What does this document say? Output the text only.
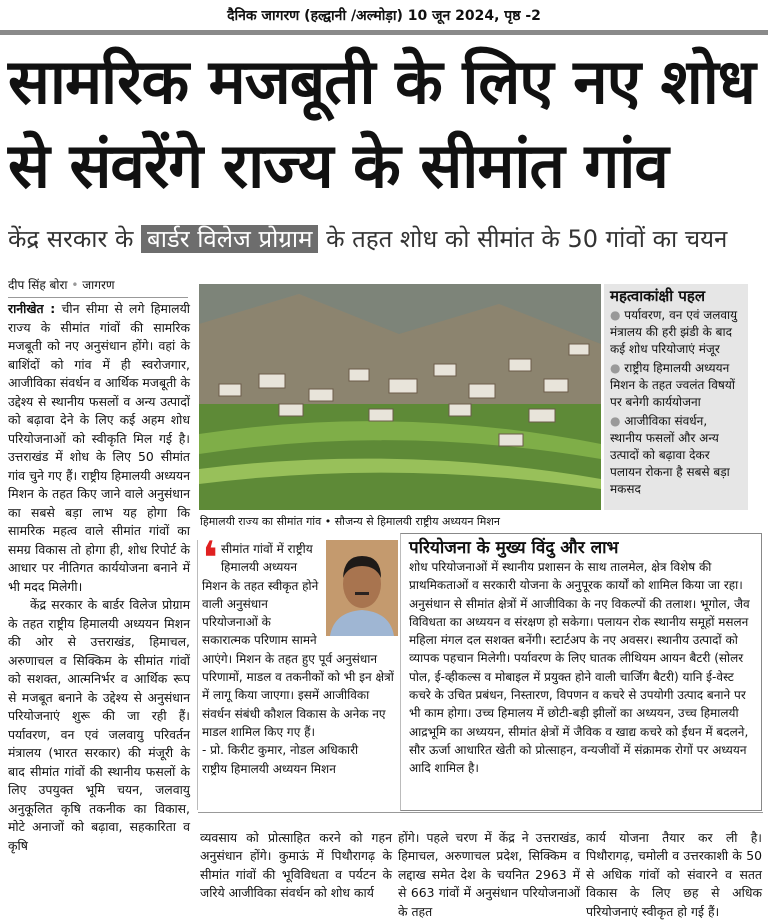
दैनिक जागरण (हल्द्वानी /अल्मोड़ा) 10 जून 2024, पृष्ठ -2
सामरिक मजबूती के लिए नए शोध
से संवरेंगे राज्य के सीमांत गांव
केंद्र सरकार के बार्डर विलेज प्रोग्राम के तहत शोध को सीमांत के 50 गांवों का चयन
दीप सिंह बोरा • जागरण

रानीखेत : चीन सीमा से लगे हिमालयी राज्य के सीमांत गांवों की सामरिक मजबूती को नए अनुसंधान होंगे। वहां के बाशिंदों को गांव में ही स्वरोजगार, आजीविका संवर्धन व आर्थिक मजबूती के उद्देश्य से स्थानीय फसलों व अन्य उत्पादों को बढ़ावा देने के लिए कई अहम शोध परियोजनाओं को स्वीकृति मिल गई है। उत्तराखंड में शोध के लिए 50 सीमांत गांव चुने गए हैं। राष्ट्रीय हिमालयी अध्ययन मिशन के तहत किए जाने वाले अनुसंधान का सबसे बड़ा लाभ यह होगा कि सामरिक महत्व वाले सीमांत गांवों का समग्र विकास तो होगा ही, शोध रिपोर्ट के आधार पर नीतिगत कार्ययोजना बनाने में भी मदद मिलेगी।

केंद्र सरकार के बार्डर विलेज प्रोग्राम के तहत राष्ट्रीय हिमालयी अध्ययन मिशन की ओर से उत्तराखंड, हिमाचल, अरुणाचल व सिक्किम के सीमांत गांवों को सशक्त, आत्मनिर्भर व आर्थिक रूप से मजबूत बनाने के उद्देश्य से अनुसंधान परियोजनाएं शुरू की जा रही हैं। पर्यावरण, वन एवं जलवायु परिवर्तन मंत्रालय (भारत सरकार) की मंजूरी के बाद सीमांत गांवों की स्थानीय फसलों के लिए उपयुक्त भूमि चयन, जलवायु अनुकूलित कृषि तकनीक का विकास, मोटे अनाजों को बढ़ावा, सहकारिता व कृषि

हिमालयी राज्य का सीमांत गांव • सौजन्य से हिमालयी राष्ट्रीय अध्ययन मिशन
महत्वाकांक्षी पहल
● पर्यावरण, वन एवं जलवायु मंत्रालय की हरी झंडी के बाद कई शोध परियोजाएं मंजूर
● राष्ट्रीय हिमालयी अध्ययन मिशन के तहत ज्वलंत विषयों पर बनेगी कार्ययोजना
● आजीविका संवर्धन, स्थानीय फसलों और अन्य उत्पादों को बढ़ावा देकर पलायन रोकना है सबसे बड़ा मकसद
❛ सीमांत गांवों में राष्ट्रीय हिमालयी अध्ययन मिशन के तहत स्वीकृत होने वाली अनुसंधान परियोजनाओं के सकारात्मक परिणाम सामने आएंगे। मिशन के तहत हुए पूर्व अनुसंधान परिणामों, माडल व तकनीकों को भी इन क्षेत्रों में लागू किया जाएगा। इसमें आजीविका संवर्धन संबंधी कौशल विकास के अनेक नए माडल शामिल किए गए हैं।
- प्रो. किरीट कुमार, नोडल अधिकारी
राष्ट्रीय हिमालयी अध्ययन मिशन
परियोजना के मुख्य विंदु और लाभ
शोध परियोजनाओं में स्थानीय प्रशासन के साथ तालमेल, क्षेत्र विशेष की प्राथमिकताओं व सरकारी योजना के अनुपूरक कार्यों को शामिल किया जा रहा। अनुसंधान से सीमांत क्षेत्रों में आजीविका के नए विकल्पों की तलाश। भूगोल, जैव विविधता का अध्ययन व संरक्षण हो सकेगा। पलायन रोक स्थानीय समूहों मसलन महिला मंगल दल सशक्त बनेंगी। स्टार्टअप के नए अवसर। स्थानीय उत्पादों को व्यापक पहचान मिलेगी। पर्यावरण के लिए घातक लीथियम आयन बैटरी (सोलर पोल, ई-व्हीकल्स व मोबाइल में प्रयुक्त होने वाली चार्जिंग बैटरी) यानि ई-वेस्ट कचरे के उचित प्रबंधन, निस्तारण, विपणन व कचरे से उपयोगी उत्पाद बनाने पर भी काम होगा। उच्च हिमालय में छोटी-बड़ी झीलों का अध्ययन, उच्च हिमालयी आद्रभूमि का अध्ययन, सीमांत क्षेत्रों में जैविक व खाद्य कचरे को ईंधन में बदलने, सौर ऊर्जा आधारित खेती को प्रोत्साहन, वन्यजीवों में संक्रामक रोगों पर अध्ययन आदि शामिल है।
व्यवसाय को प्रोत्साहित करने को गहन अनुसंधान होंगे। कुमाऊं में पिथौरागढ़ के सीमांत गांवों की भूविविधता व पर्यटन के जरिये आजीविका संवर्धन को शोध कार्य
होंगे। पहले चरण में केंद्र ने उत्तराखंड, हिमाचल, अरुणाचल प्रदेश, सिक्किम व लद्दाख समेत देश के चयनित 2963 में से 663 गांवों में अनुसंधान परियोजनाओं के तहत
कार्य योजना तैयार कर ली है। पिथौरागढ़, चमोली व उत्तरकाशी के 50 से अधिक गांवों को संवारने व सतत विकास के लिए छह से अधिक परियोजनाएं स्वीकृत हो गई हैं।
